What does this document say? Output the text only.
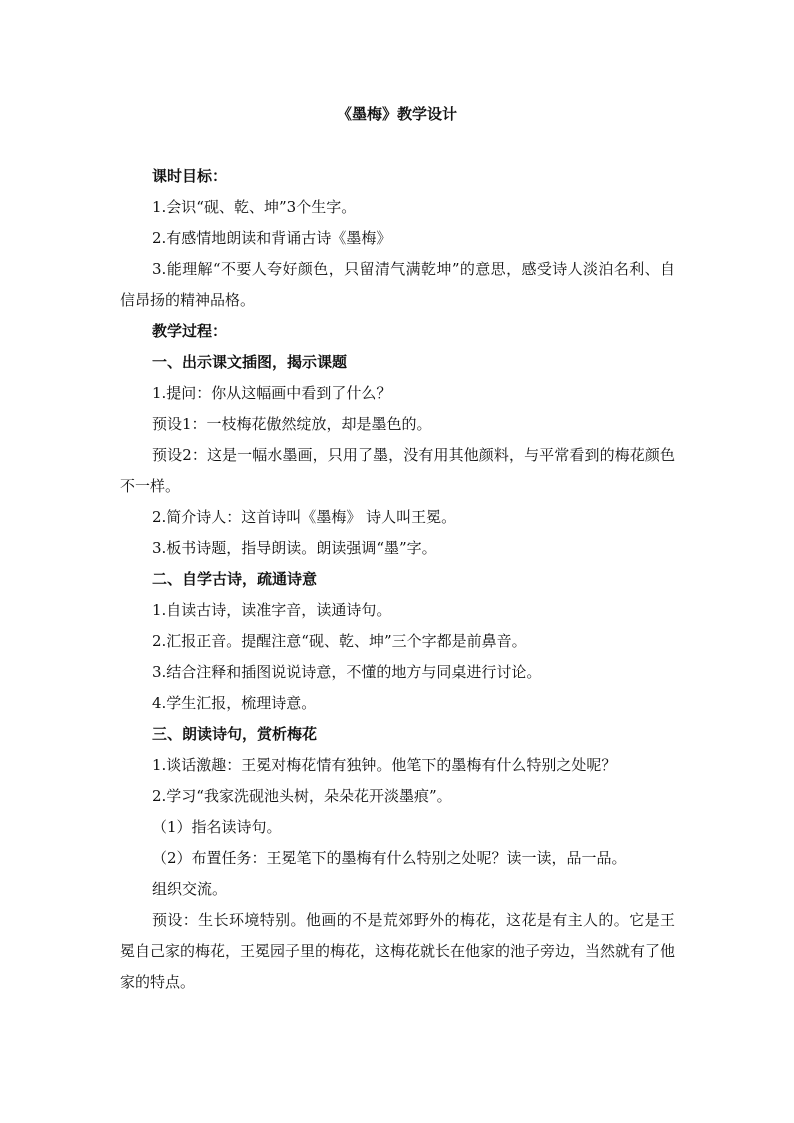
《墨梅》教学设计

课时目标：

1.会识“砚、乾、坤”3个生字。

2.有感情地朗读和背诵古诗《墨梅》

3.能理解“不要人夸好颜色，只留清气满乾坤”的意思，感受诗人淡泊名利、自信昂扬的精神品格。

教学过程：

一、出示课文插图，揭示课题

1.提问：你从这幅画中看到了什么？

预设1：一枝梅花傲然绽放，却是墨色的。

预设2：这是一幅水墨画，只用了墨，没有用其他颜料，与平常看到的梅花颜色不一样。

2.简介诗人：这首诗叫《墨梅》 诗人叫王冕。

3.板书诗题，指导朗读。朗读强调“墨”字。

二、自学古诗，疏通诗意

1.自读古诗，读准字音，读通诗句。

2.汇报正音。提醒注意“砚、乾、坤”三个字都是前鼻音。

3.结合注释和插图说说诗意，不懂的地方与同桌进行讨论。

4.学生汇报，梳理诗意。

三、朗读诗句，赏析梅花

1.谈话激趣：王冕对梅花情有独钟。他笔下的墨梅有什么特别之处呢？

2.学习“我家洗砚池头树，朵朵花开淡墨痕”。

（1）指名读诗句。

（2）布置任务：王冕笔下的墨梅有什么特别之处呢？读一读，品一品。

组织交流。

预设：生长环境特别。他画的不是荒郊野外的梅花，这花是有主人的。它是王冕自己家的梅花，王冕园子里的梅花，这梅花就长在他家的池子旁边，当然就有了他家的特点。
